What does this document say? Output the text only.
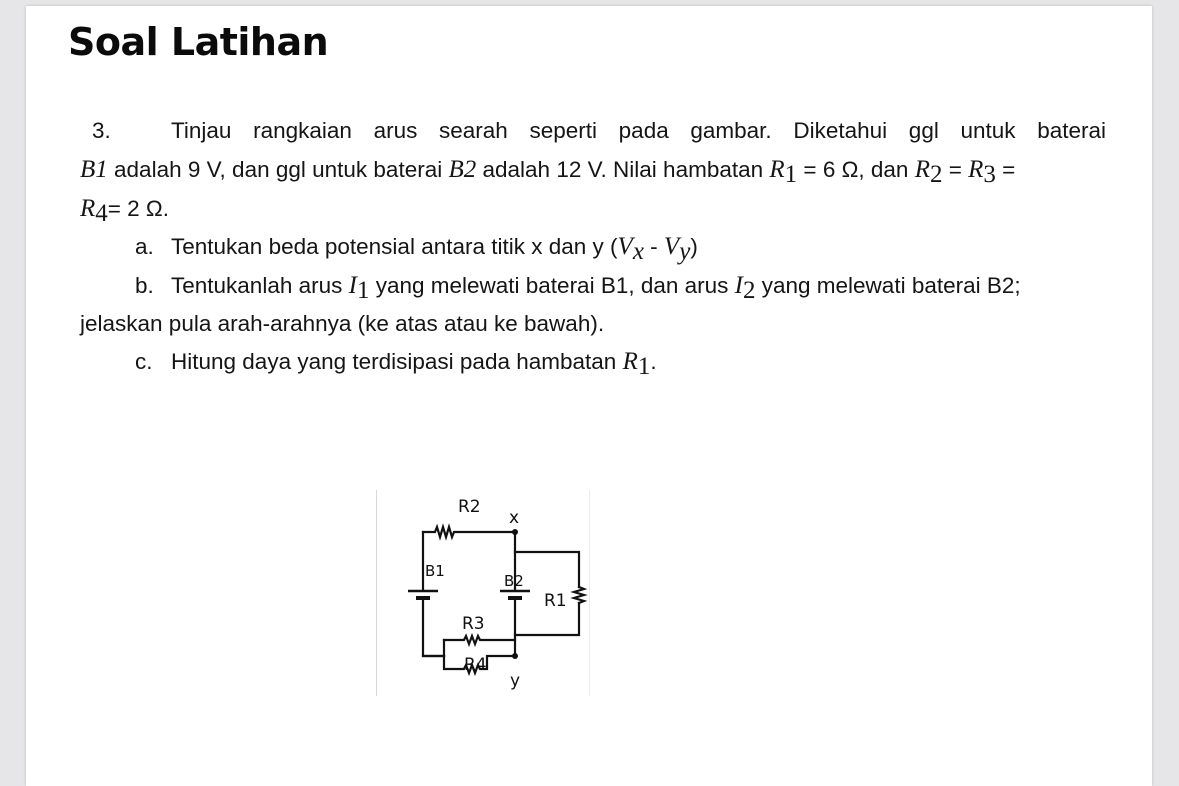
Soal Latihan
3.	Tinjau rangkaian arus searah seperti pada gambar. Diketahui ggl untuk baterai
B1 adalah 9 V, dan ggl untuk baterai B2 adalah 12 V. Nilai hambatan $R_1 = 6$ Ω, dan $R_2 = R_3$ =
$R_4= 2$ Ω.
a. Tentukan beda potensial antara titik x dan y $(V_x - V_y)$
b. Tentukanlah arus $I_1$ yang melewati baterai B1, dan arus $I_2$ yang melewati baterai B2;
jelaskan pula arah-arahnya (ke atas atau ke bawah).
c. Hitung daya yang terdisipasi pada hambatan $R_1$.
R2
x
B1
B2
R1
R3
R4
y
